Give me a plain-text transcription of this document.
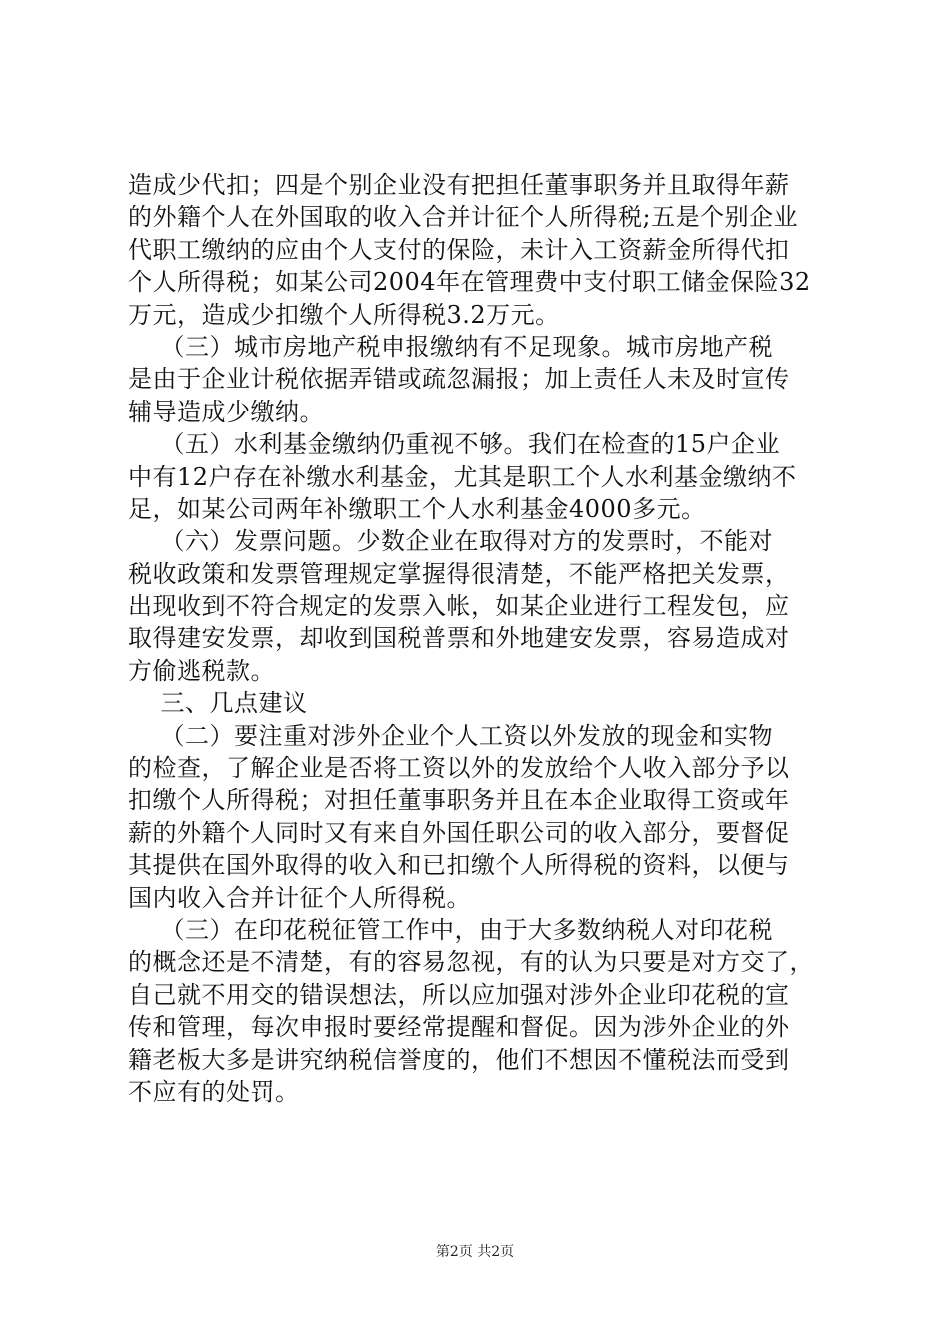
造成少代扣；四是个别企业没有把担任董事职务并且取得年薪
的外籍个人在外国取的收入合并计征个人所得税;五是个别企业
代职工缴纳的应由个人支付的保险，未计入工资薪金所得代扣
个人所得税；如某公司2004年在管理费中支付职工储金保险32
万元，造成少扣缴个人所得税3.2万元。
（三）城市房地产税申报缴纳有不足现象。城市房地产税
是由于企业计税依据弄错或疏忽漏报；加上责任人未及时宣传
辅导造成少缴纳。
（五）水利基金缴纳仍重视不够。我们在检查的15户企业
中有12户存在补缴水利基金，尤其是职工个人水利基金缴纳不
足，如某公司两年补缴职工个人水利基金4000多元。
（六）发票问题。少数企业在取得对方的发票时，不能对
税收政策和发票管理规定掌握得很清楚，不能严格把关发票，
出现收到不符合规定的发票入帐，如某企业进行工程发包，应
取得建安发票，却收到国税普票和外地建安发票，容易造成对
方偷逃税款。
三、几点建议
（二）要注重对涉外企业个人工资以外发放的现金和实物
的检查，了解企业是否将工资以外的发放给个人收入部分予以
扣缴个人所得税；对担任董事职务并且在本企业取得工资或年
薪的外籍个人同时又有来自外国任职公司的收入部分，要督促
其提供在国外取得的收入和已扣缴个人所得税的资料，以便与
国内收入合并计征个人所得税。
（三）在印花税征管工作中，由于大多数纳税人对印花税
的概念还是不清楚，有的容易忽视，有的认为只要是对方交了，
自己就不用交的错误想法，所以应加强对涉外企业印花税的宣
传和管理，每次申报时要经常提醒和督促。因为涉外企业的外
籍老板大多是讲究纳税信誉度的，他们不想因不懂税法而受到
不应有的处罚。
第2页 共2页
